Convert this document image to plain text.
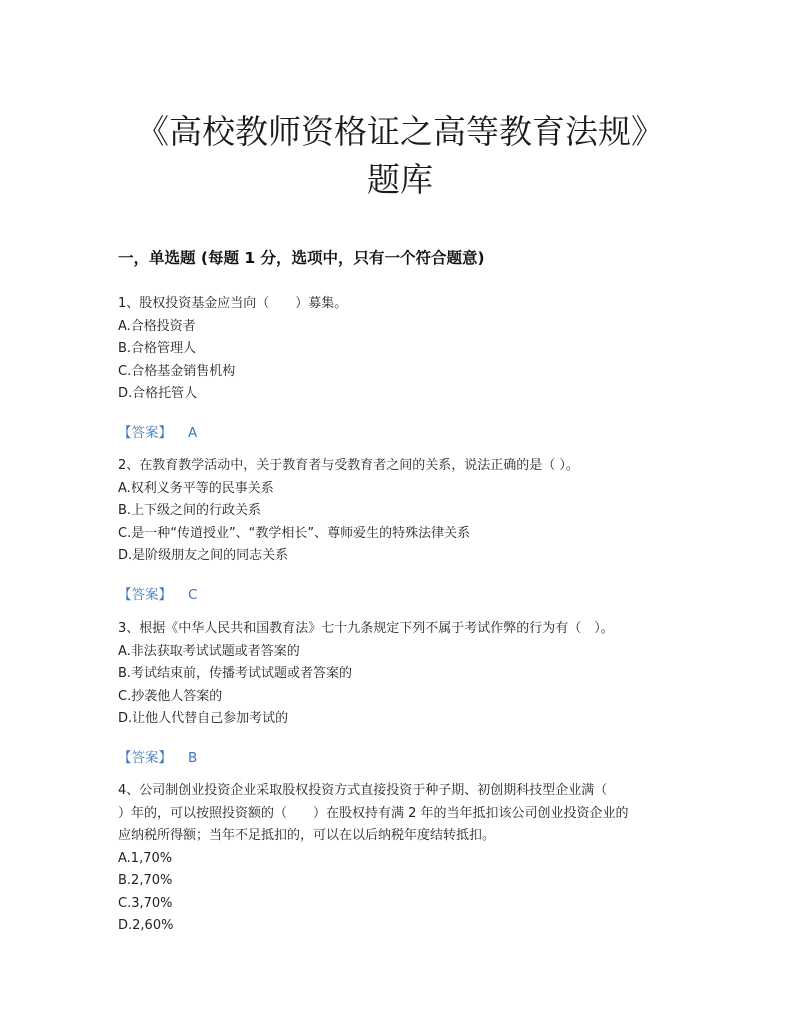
《高校教师资格证之高等教育法规》
题库
一，单选题 (每题 1 分，选项中，只有一个符合题意)

1、股权投资基金应当向（　　）募集。

A.合格投资者

B.合格管理人

C.合格基金销售机构

D.合格托管人

【答案】 A

2、在教育教学活动中，关于教育者与受教育者之间的关系，说法正确的是（ ）。

A.权利义务平等的民事关系

B.上下级之间的行政关系

C.是一种“传道授业”、“教学相长”、尊师爱生的特殊法律关系

D.是阶级朋友之间的同志关系

【答案】 C

3、根据《中华人民共和国教育法》七十九条规定下列不属于考试作弊的行为有（　）。

A.非法获取考试试题或者答案的

B.考试结束前，传播考试试题或者答案的

C.抄袭他人答案的

D.让他人代替自己参加考试的

【答案】 B

4、公司制创业投资企业采取股权投资方式直接投资于种子期、初创期科技型企业满（

）年的，可以按照投资额的（　　）在股权持有满 2 年的当年抵扣该公司创业投资企业的

应纳税所得额；当年不足抵扣的，可以在以后纳税年度结转抵扣。

A.1,70%

B.2,70%

C.3,70%

D.2,60%
